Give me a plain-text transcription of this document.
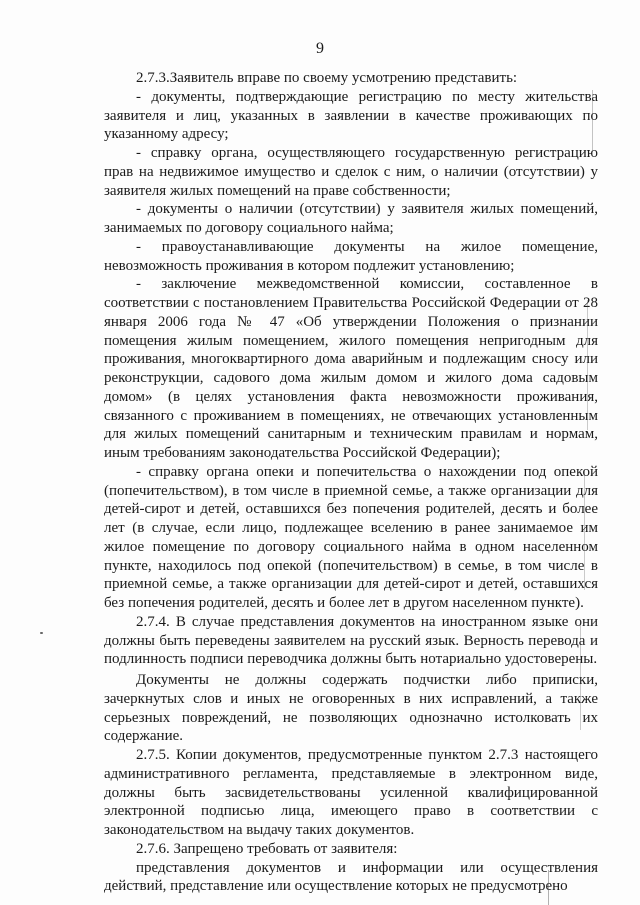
9

2.7.3.Заявитель вправе по своему усмотрению представить:

- документы, подтверждающие регистрацию по месту жительства заявителя и лиц, указанных в заявлении в качестве проживающих по указанному адресу;

- справку органа, осуществляющего государственную регистрацию прав на недвижимое имущество и сделок с ним, о наличии (отсутствии) у заявителя жилых помещений на праве собственности;

- документы о наличии (отсутствии) у заявителя жилых помещений, занимаемых по договору социального найма;

- правоустанавливающие документы на жилое помещение, невозможность проживания в котором подлежит установлению;

- заключение межведомственной комиссии, составленное в соответствии с постановлением Правительства Российской Федерации от 28 января 2006 года № 47 «Об утверждении Положения о признании помещения жилым помещением, жилого помещения непригодным для проживания, многоквартирного дома аварийным и подлежащим сносу или реконструкции, садового дома жилым домом и жилого дома садовым домом» (в целях установления факта невозможности проживания, связанного с проживанием в помещениях, не отвечающих установленным для жилых помещений санитарным и техническим правилам и нормам, иным требованиям законодательства Российской Федерации);

- справку органа опеки и попечительства о нахождении под опекой (попечительством), в том числе в приемной семье, а также организации для детей-сирот и детей, оставшихся без попечения родителей, десять и более лет (в случае, если лицо, подлежащее вселению в ранее занимаемое им жилое помещение по договору социального найма в одном населенном пункте, находилось под опекой (попечительством) в семье, в том числе в приемной семье, а также организации для детей-сирот и детей, оставшихся без попечения родителей, десять и более лет в другом населенном пункте).

2.7.4. В случае представления документов на иностранном языке они должны быть переведены заявителем на русский язык. Верность перевода и подлинность подписи переводчика должны быть нотариально удостоверены.

Документы не должны содержать подчистки либо приписки, зачеркнутых слов и иных не оговоренных в них исправлений, а также серьезных повреждений, не позволяющих однозначно истолковать их содержание.

2.7.5. Копии документов, предусмотренные пунктом 2.7.3 настоящего административного регламента, представляемые в электронном виде, должны быть засвидетельствованы усиленной квалифицированной электронной подписью лица, имеющего право в соответствии с законодательством на выдачу таких документов.

2.7.6. Запрещено требовать от заявителя:

представления документов и информации или осуществления действий, представление или осуществление которых не предусмотрено
